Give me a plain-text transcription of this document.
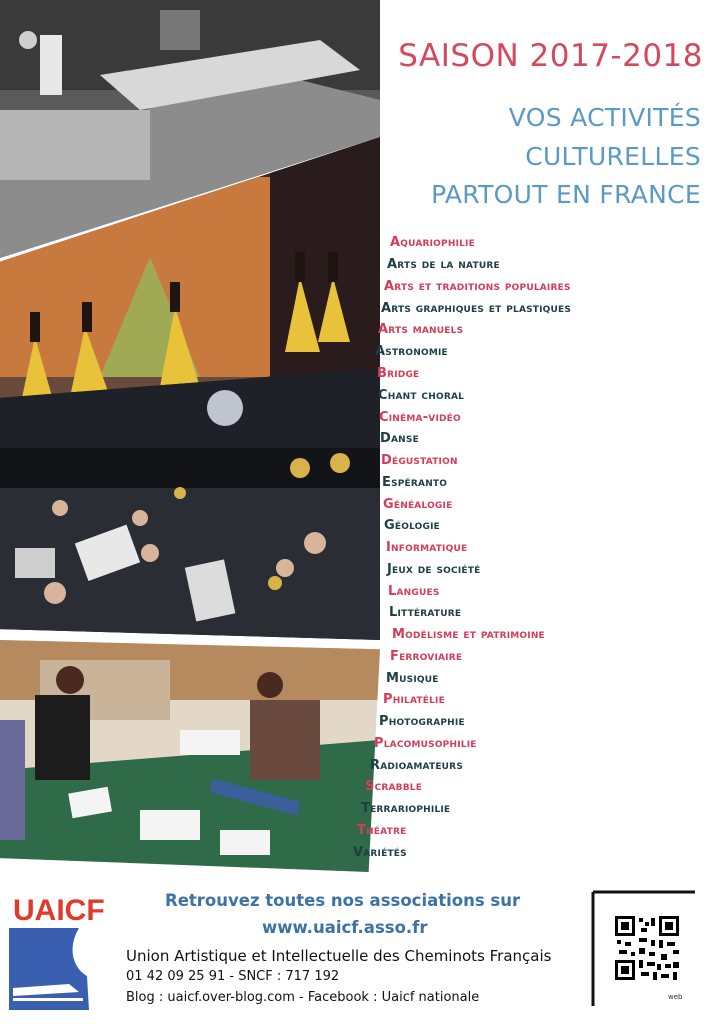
SAISON 2017-2018
VOS ACTIVITÉS
CULTURELLES
PARTOUT EN FRANCE
Aquariophilie
Arts de la nature
Arts et traditions populaires
Arts graphiques et plastiques
Arts manuels
Astronomie
Bridge
Chant choral
Cinéma-vidéo
Danse
Dégustation
Espéranto
Généalogie
Géologie
Informatique
Jeux de société
Langues
Littérature
Modélisme et patrimoine
Ferroviaire
Musique
Philatélie
Photographie
Placomusophilie
Radioamateurs
Scrabble
Terrariophilie
Théatre
Variétés
UAICF	Retrouvez toutes nos associations sur
www.uaicf.asso.fr
Union Artistique et Intellectuelle des Cheminots Français
01 42 09 25 91 - SNCF : 717 192
Blog : uaicf.over-blog.com - Facebook : Uaicf nationale	web
